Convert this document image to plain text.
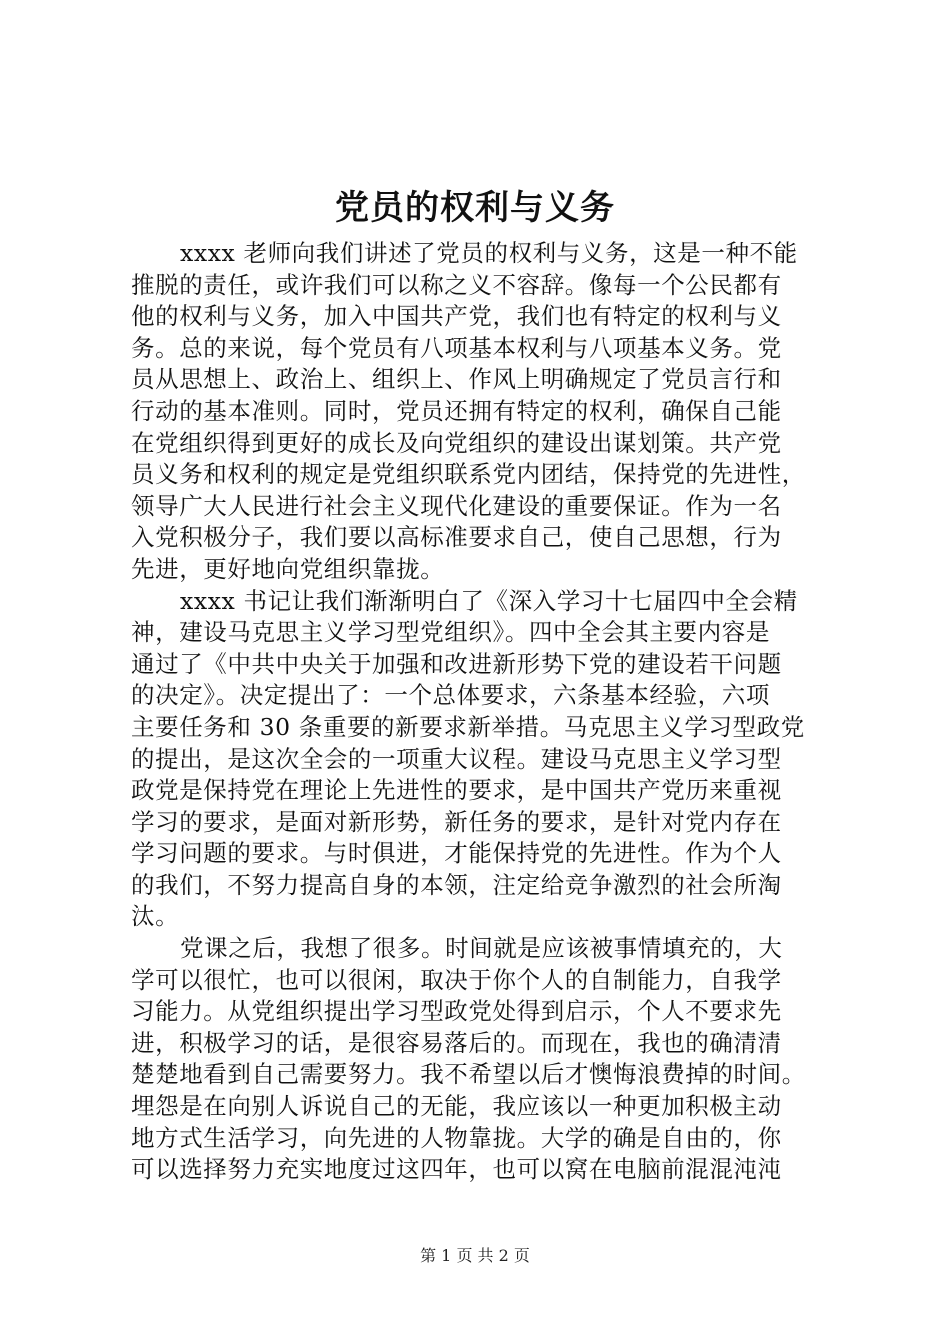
党员的权利与义务

xxxx 老师向我们讲述了党员的权利与义务，这是一种不能
推脱的责任，或许我们可以称之义不容辞。像每一个公民都有
他的权利与义务，加入中国共产党，我们也有特定的权利与义
务。总的来说，每个党员有八项基本权利与八项基本义务。党
员从思想上、政治上、组织上、作风上明确规定了党员言行和
行动的基本准则。同时，党员还拥有特定的权利，确保自己能
在党组织得到更好的成长及向党组织的建设出谋划策。共产党
员义务和权利的规定是党组织联系党内团结，保持党的先进性，
领导广大人民进行社会主义现代化建设的重要保证。作为一名
入党积极分子，我们要以高标准要求自己，使自己思想，行为
先进，更好地向党组织靠拢。

xxxx 书记让我们渐渐明白了《深入学习十七届四中全会精
神，建设马克思主义学习型党组织》。四中全会其主要内容是
通过了《中共中央关于加强和改进新形势下党的建设若干问题
的决定》。决定提出了：一个总体要求，六条基本经验，六项
主要任务和 30 条重要的新要求新举措。马克思主义学习型政党
的提出，是这次全会的一项重大议程。建设马克思主义学习型
政党是保持党在理论上先进性的要求，是中国共产党历来重视
学习的要求，是面对新形势，新任务的要求，是针对党内存在
学习问题的要求。与时俱进，才能保持党的先进性。作为个人
的我们，不努力提高自身的本领，注定给竞争激烈的社会所淘
汰。

党课之后，我想了很多。时间就是应该被事情填充的，大
学可以很忙，也可以很闲，取决于你个人的自制能力，自我学
习能力。从党组织提出学习型政党处得到启示，个人不要求先
进，积极学习的话，是很容易落后的。而现在，我也的确清清
楚楚地看到自己需要努力。我不希望以后才懊悔浪费掉的时间。
埋怨是在向别人诉说自己的无能，我应该以一种更加积极主动
地方式生活学习，向先进的人物靠拢。大学的确是自由的，你
可以选择努力充实地度过这四年，也可以窝在电脑前混混沌沌

第 1 页 共 2 页
